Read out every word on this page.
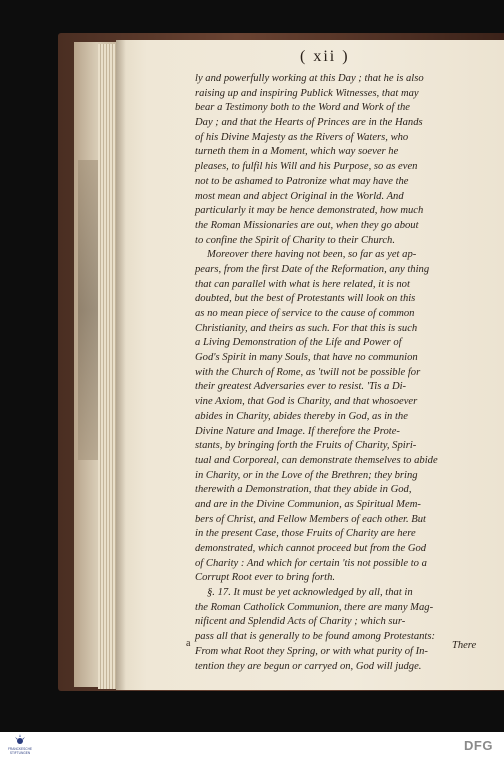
( xii )
ly and powerfully working at this Day ; that he is also
raising up and inspiring Publick Witnesses, that may
bear a Testimony both to the Word and Work of the
Day ; and that the Hearts of Princes are in the Hands
of his Divine Majesty as the Rivers of Waters, who
turneth them in a Moment, which way soever he
pleases, to fulfil his Will and his Purpose, so as even
not to be ashamed to Patronize what may have the
most mean and abject Original in the World. And
particularly it may be hence demonstrated, how much
the Roman Missionaries are out, when they go about
to confine the Spirit of Charity to their Church.
Moreover there having not been, so far as yet ap-
pears, from the first Date of the Reformation, any thing
that can parallel with what is here related, it is not
doubted, but the best of Protestants will look on this
as no mean piece of service to the cause of common
Christianity, and theirs as such. For that this is such
a Living Demonstration of the Life and Power of
God's Spirit in many Souls, that have no communion
with the Church of Rome, as 'twill not be possible for
their greatest Adversaries ever to resist. 'Tis a Di-
vine Axiom, that God is Charity, and that whosoever
abides in Charity, abides thereby in God, as in the
Divine Nature and Image. If therefore the Prote-
stants, by bringing forth the Fruits of Charity, Spiri-
tual and Corporeal, can demonstrate themselves to abide
in Charity, or in the Love of the Brethren; they bring
therewith a Demonstration, that they abide in God,
and are in the Divine Communion, as Spiritual Mem-
bers of Christ, and Fellow Members of each other. But
in the present Case, those Fruits of Charity are here
demonstrated, which cannot proceed but from the God
of Charity : And which for certain 'tis not possible to a
Corrupt Root ever to bring forth.
§. 17. It must be yet acknowledged by all, that in
the Roman Catholick Communion, there are many Mag-
nificent and Splendid Acts of Charity ; which sur-
pass all that is generally to be found among Protestants:
From what Root they Spring, or with what purity of In-
tention they are begun or carryed on, God will judge.
a	There
FRANCKESCHE STIFTUNGEN	DFG
